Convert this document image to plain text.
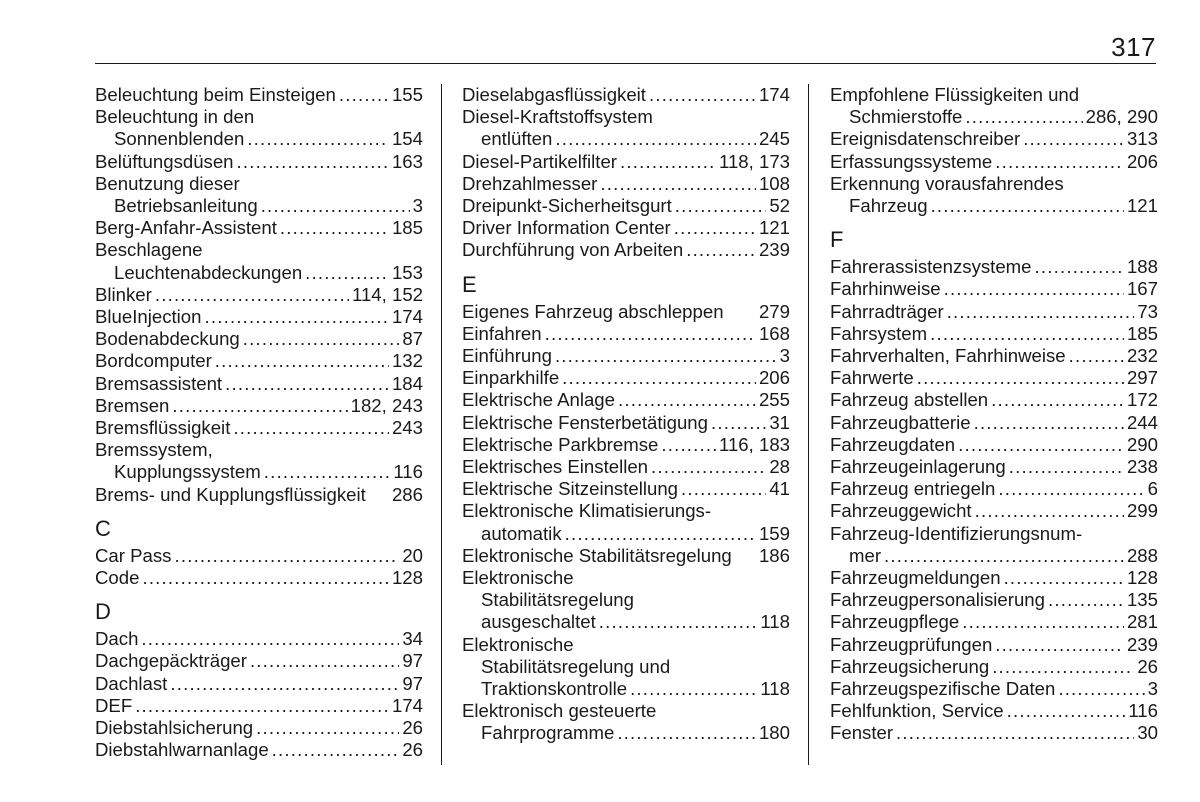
317
Beleuchtung beim Einsteigen .....	155
Beleuchtung in den
Sonnenblenden .....	154
Belüftungsdüsen .....	163
Benutzung dieser
Betriebsanleitung .....	3
Berg-Anfahr-Assistent .....	185
Beschlagene
Leuchtenabdeckungen .....	153
Blinker .....	114, 152
BlueInjection .....	174
Bodenabdeckung .....	87
Bordcomputer .....	132
Bremsassistent .....	184
Bremsen .....	182, 243
Bremsflüssigkeit .....	243
Bremssystem,
Kupplungssystem .....	116
Brems- und Kupplungsflüssigkeit 286
C
Car Pass .....	20
Code .....	128
D
Dach .....	34
Dachgepäckträger .....	97
Dachlast .....	97
DEF .....	174
Diebstahlsicherung .....	26
Diebstahlwarnanlage .....	26
Dieselabgasflüssigkeit .....	174
Diesel-Kraftstoffsystem
entlüften .....	245
Diesel-Partikelfilter .....	118, 173
Drehzahlmesser .....	108
Dreipunkt-Sicherheitsgurt .....	52
Driver Information Center .....	121
Durchführung von Arbeiten .....	239
E
Eigenes Fahrzeug abschleppen 279
Einfahren .....	168
Einführung .....	3
Einparkhilfe .....	206
Elektrische Anlage .....	255
Elektrische Fensterbetätigung .....	31
Elektrische Parkbremse .....	116, 183
Elektrisches Einstellen .....	28
Elektrische Sitzeinstellung .....	41
Elektronische Klimatisierungs-
automatik .....	159
Elektronische Stabilitätsregelung 186
Elektronische
Stabilitätsregelung
ausgeschaltet .....	118
Elektronische
Stabilitätsregelung und
Traktionskontrolle .....	118
Elektronisch gesteuerte
Fahrprogramme .....	180
Empfohlene Flüssigkeiten und
Schmierstoffe .....	286, 290
Ereignisdatenschreiber .....	313
Erfassungssysteme .....	206
Erkennung vorausfahrendes
Fahrzeug .....	121
F
Fahrerassistenzsysteme .....	188
Fahrhinweise .....	167
Fahrradträger .....	73
Fahrsystem .....	185
Fahrverhalten, Fahrhinweise .....	232
Fahrwerte .....	297
Fahrzeug abstellen .....	172
Fahrzeugbatterie .....	244
Fahrzeugdaten .....	290
Fahrzeugeinlagerung .....	238
Fahrzeug entriegeln .....	6
Fahrzeuggewicht .....	299
Fahrzeug-Identifizierungsnum-
mer .....	288
Fahrzeugmeldungen .....	128
Fahrzeugpersonalisierung .....	135
Fahrzeugpflege .....	281
Fahrzeugprüfungen .....	239
Fahrzeugsicherung .....	26
Fahrzeugspezifische Daten .....	3
Fehlfunktion, Service .....	116
Fenster .....	30
